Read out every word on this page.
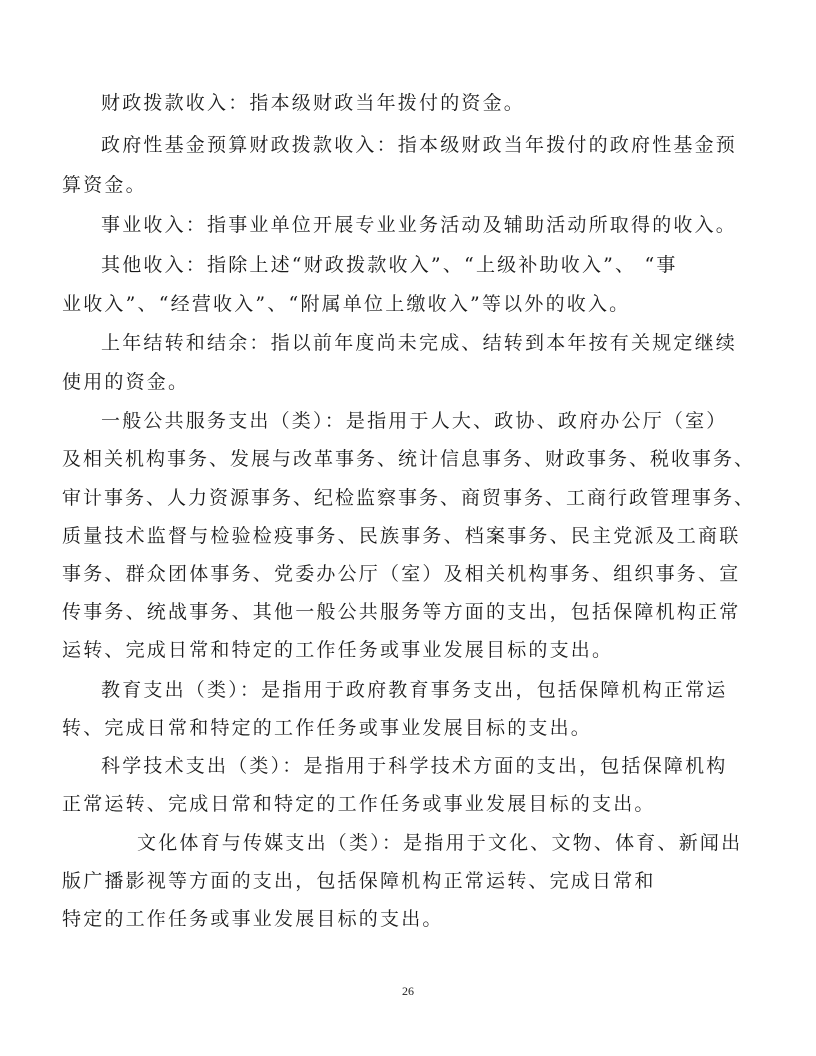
财政拨款收入：指本级财政当年拨付的资金。
政府性基金预算财政拨款收入：指本级财政当年拨付的政府性基金预
算资金。
事业收入：指事业单位开展专业业务活动及辅助活动所取得的收入。
其他收入：指除上述“财政拨款收入”、“上级补助收入”、 “事
业收入”、“经营收入”、“附属单位上缴收入”等以外的收入。
上年结转和结余：指以前年度尚未完成、结转到本年按有关规定继续
使用的资金。
一般公共服务支出（类）：是指用于人大、政协、政府办公厅（室）
及相关机构事务、发展与改革事务、统计信息事务、财政事务、税收事务、
审计事务、人力资源事务、纪检监察事务、商贸事务、工商行政管理事务、
质量技术监督与检验检疫事务、民族事务、档案事务、民主党派及工商联
事务、群众团体事务、党委办公厅（室）及相关机构事务、组织事务、宣
传事务、统战事务、其他一般公共服务等方面的支出，包括保障机构正常
运转、完成日常和特定的工作任务或事业发展目标的支出。
教育支出（类）：是指用于政府教育事务支出，包括保障机构正常运
转、完成日常和特定的工作任务或事业发展目标的支出。
科学技术支出（类）：是指用于科学技术方面的支出，包括保障机构
正常运转、完成日常和特定的工作任务或事业发展目标的支出。
文化体育与传媒支出（类）：是指用于文化、文物、体育、新闻出
版广播影视等方面的支出，包括保障机构正常运转、完成日常和
特定的工作任务或事业发展目标的支出。
26
